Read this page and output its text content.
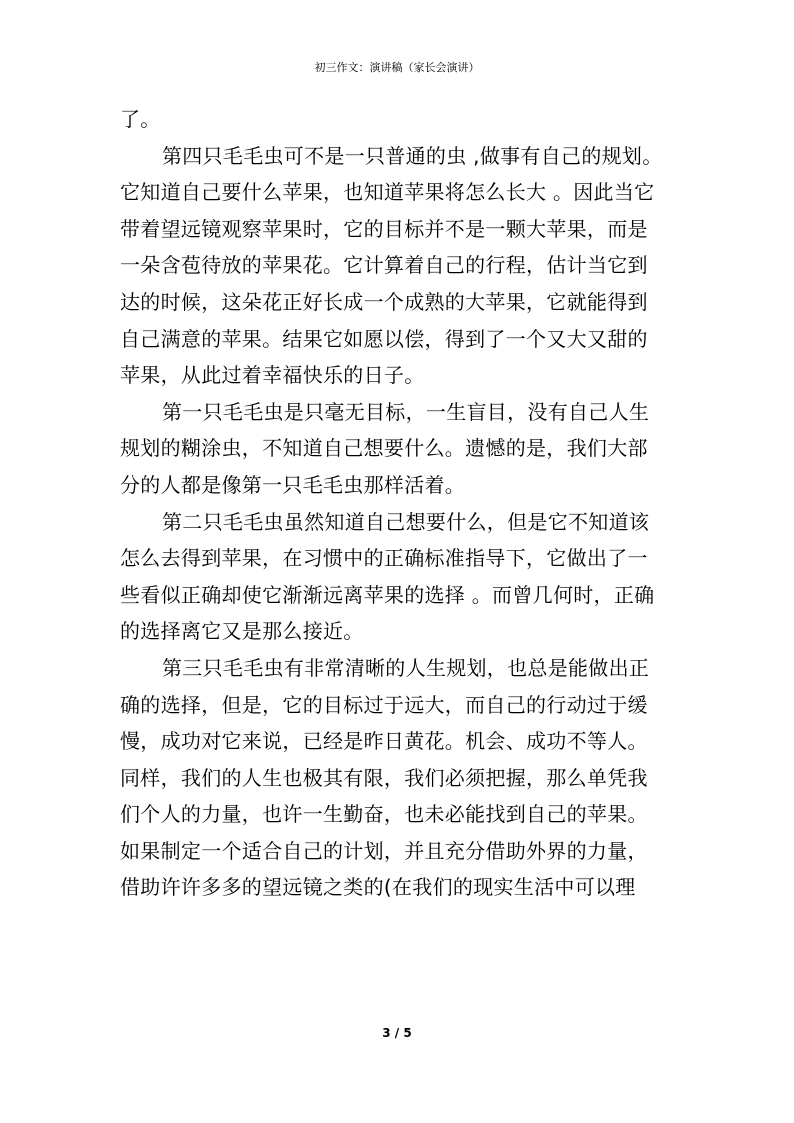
初三作文：演讲稿（家长会演讲）
了。
第四只毛毛虫可不是一只普通的虫 ,做事有自己的规划。
它知道自己要什么苹果，也知道苹果将怎么长大 。因此当它
带着望远镜观察苹果时，它的目标并不是一颗大苹果，而是
一朵含苞待放的苹果花。它计算着自己的行程，估计当它到
达的时候，这朵花正好长成一个成熟的大苹果，它就能得到
自己满意的苹果。结果它如愿以偿，得到了一个又大又甜的
苹果，从此过着幸福快乐的日子。
第一只毛毛虫是只毫无目标，一生盲目，没有自己人生
规划的糊涂虫，不知道自己想要什么。遗憾的是，我们大部
分的人都是像第一只毛毛虫那样活着。
第二只毛毛虫虽然知道自己想要什么，但是它不知道该
怎么去得到苹果，在习惯中的正确标准指导下，它做出了一
些看似正确却使它渐渐远离苹果的选择 。而曾几何时，正确
的选择离它又是那么接近。
第三只毛毛虫有非常清晰的人生规划，也总是能做出正
确的选择，但是，它的目标过于远大，而自己的行动过于缓
慢，成功对它来说，已经是昨日黄花。机会、成功不等人。
同样，我们的人生也极其有限，我们必须把握，那么单凭我
们个人的力量，也许一生勤奋，也未必能找到自己的苹果。
如果制定一个适合自己的计划，并且充分借助外界的力量，
借助许许多多的望远镜之类的(在我们的现实生活中可以理
3 / 5
